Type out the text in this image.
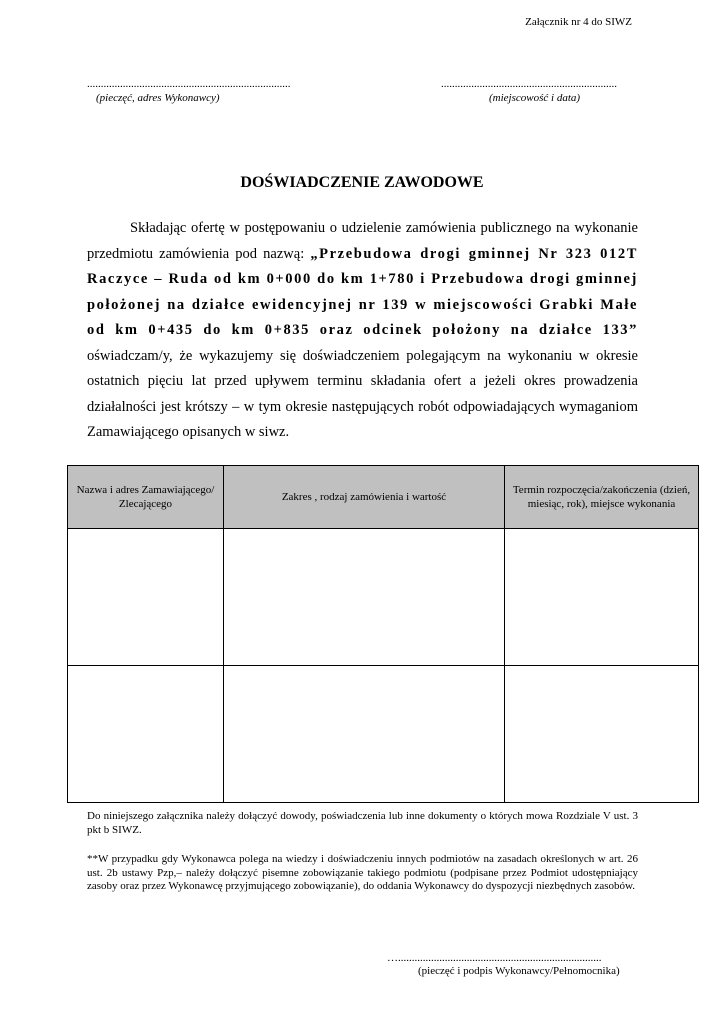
Załącznik nr 4 do SIWZ
..........................................................................
(pieczęć, adres Wykonawcy)
................................................................
(miejscowość i data)
DOŚWIADCZENIE ZAWODOWE
Składając ofertę w postępowaniu o udzielenie zamówienia publicznego na wykonanie przedmiotu zamówienia pod nazwą: „Przebudowa drogi gminnej Nr 323 012T Raczyce – Ruda od km 0+000 do km 1+780 i Przebudowa drogi gminnej położonej na działce ewidencyjnej nr 139 w miejscowości Grabki Małe od km 0+435 do km 0+835 oraz odcinek położony na działce 133” oświadczam/y, że wykazujemy się doświadczeniem polegającym na wykonaniu w okresie ostatnich pięciu lat przed upływem terminu składania ofert a jeżeli okres prowadzenia działalności jest krótszy – w tym okresie następujących robót odpowiadających wymaganiom Zamawiającego opisanych w siwz.
Nazwa i adres Zamawiającego/ Zlecającego	Zakres , rodzaj zamówienia i wartość	Termin rozpoczęcia/zakończenia (dzień, miesiąc, rok), miejsce wykonania

Do niniejszego załącznika należy dołączyć dowody, poświadczenia lub inne dokumenty o których mowa Rozdziale V ust. 3 pkt b SIWZ.
**W przypadku gdy Wykonawca polega na wiedzy i doświadczeniu innych podmiotów na zasadach określonych w art. 26 ust. 2b ustawy Pzp,– należy dołączyć pisemne zobowiązanie takiego podmiotu (podpisane przez Podmiot udostępniający zasoby oraz przez Wykonawcę przyjmującego zobowiązanie), do oddania Wykonawcy do dyspozycji niezbędnych zasobów.
…..........................................................................
(pieczęć i podpis Wykonawcy/Pełnomocnika)
